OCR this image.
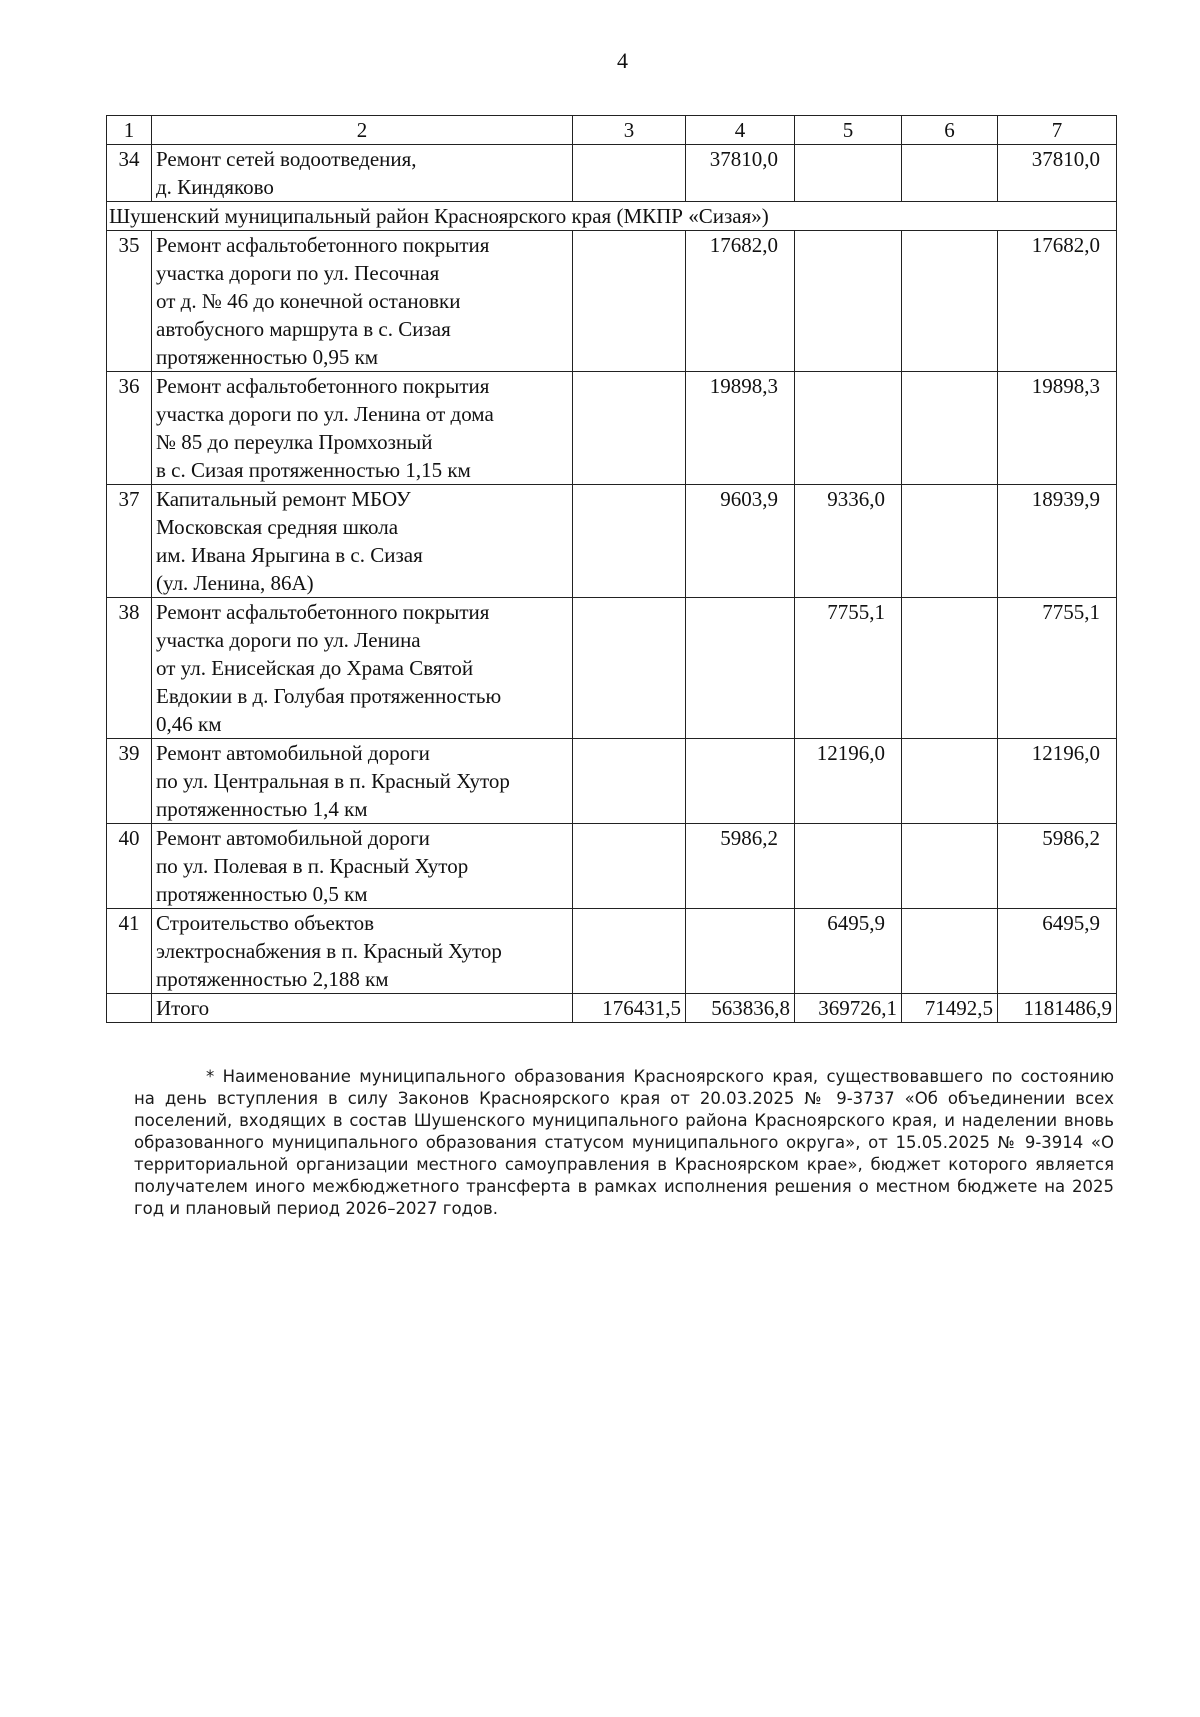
4
1	2	3	4	5	6	7
34	Ремонт сетей водоотведения,
д. Киндяково		37810,0			37810,0
Шушенский муниципальный район Красноярского края (МКПР «Сизая»)						
35	Ремонт асфальтобетонного покрытия
участка дороги по ул. Песочная
от д. № 46 до конечной остановки
автобусного маршрута в с. Сизая
протяженностью 0,95 км		17682,0			17682,0
36	Ремонт асфальтобетонного покрытия
участка дороги по ул. Ленина от дома
№ 85 до переулка Промхозный
в с. Сизая протяженностью 1,15 км		19898,3			19898,3
37	Капитальный ремонт МБОУ
Московская средняя школа
им. Ивана Ярыгина в с. Сизая
(ул. Ленина, 86А)		9603,9	9336,0		18939,9
38	Ремонт асфальтобетонного покрытия
участка дороги по ул. Ленина
от ул. Енисейская до Храма Святой
Евдокии в д. Голубая протяженностью
0,46 км			7755,1		7755,1
39	Ремонт автомобильной дороги
по ул. Центральная в п. Красный Хутор
протяженностью 1,4 км			12196,0		12196,0
40	Ремонт автомобильной дороги
по ул. Полевая в п. Красный Хутор
протяженностью 0,5 км		5986,2			5986,2
41	Строительство объектов
электроснабжения в п. Красный Хутор
протяженностью 2,188 км			6495,9		6495,9
	Итого	176431,5	563836,8	369726,1	71492,5	1181486,9
* Наименование муниципального образования Красноярского края, существовавшего по состоянию на день вступления в силу Законов Красноярского края от 20.03.2025 № 9-3737 «Об объединении всех поселений, входящих в состав Шушенского муниципального района Красноярского края, и наделении вновь образованного муниципального образования статусом муниципального округа», от 15.05.2025 № 9-3914 «О территориальной организации местного самоуправления в Красноярском крае», бюджет которого является получателем иного межбюджетного трансферта в рамках исполнения решения о местном бюджете на 2025 год и плановый период 2026–2027 годов.
